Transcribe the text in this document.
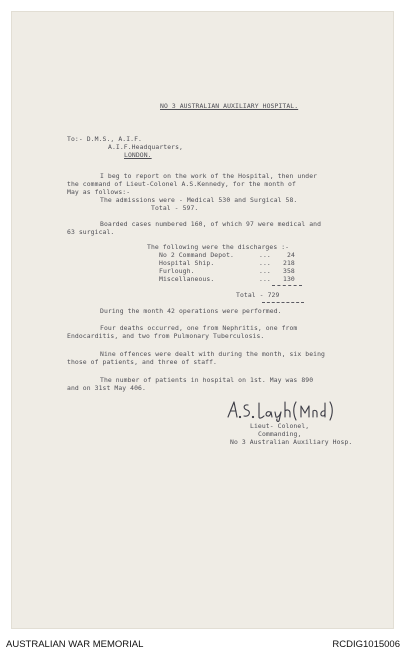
NO 3 AUSTRALIAN AUXILIARY HOSPITAL.
To:- D.M.S., A.I.F.
A.I.F.Headquarters,
LONDON.
I beg to report on the work of the Hospital, then under
the command of Lieut-Colonel A.S.Kennedy, for the month of
May as follows:-
The admissions were - Medical 530 and Surgical 58.
Total - 597.
Boarded cases numbered 160, of which 97 were medical and
63 surgical.
The following were the discharges :-
No 2 Command Depot.	...	24
Hospital Ship.	... 218
Furlough.	... 358
Miscellaneous.	... 130
Total - 729
During the month 42 operations were performed.
Four deaths occurred, one from Nephritis, one from
Endocarditis, and two from Pulmonary Tuberculosis.
Nine offences were dealt with during the month, six being
those of patients, and three of staff.
The number of patients in hospital on 1st. May was 890
and on 31st May 406.
Lieut- Colonel,
Commanding,
No 3 Australian Auxiliary Hosp.
AUSTRALIAN WAR MEMORIAL	RCDIG1015006
